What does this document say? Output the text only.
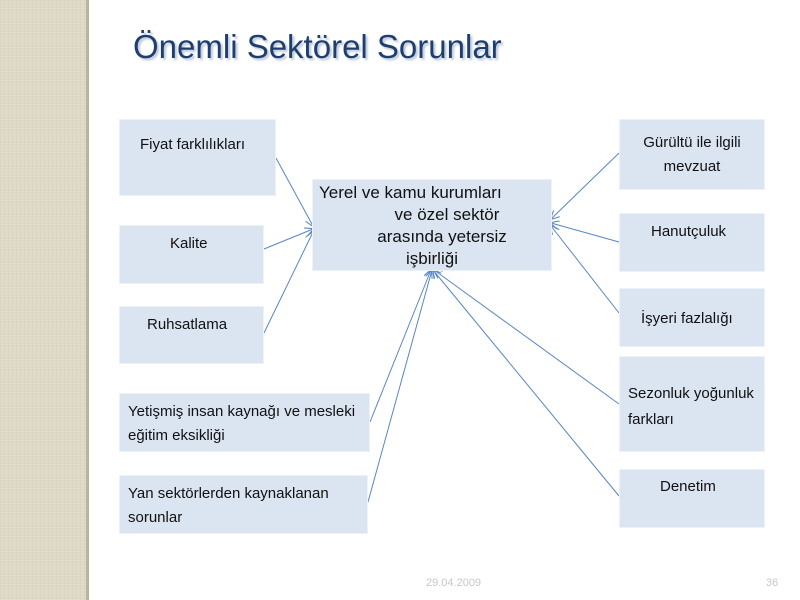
Önemli Sektörel Sorunlar
Yerel ve kamu kurumları
ve özel sektör
arasında yetersiz
işbirliği
Fiyat farklılıkları
Kalite
Ruhsatlama
Yetişmiş insan kaynağı ve mesleki eğitim eksikliği
Yan sektörlerden kaynaklanan sorunlar
Gürültü ile ilgili mevzuat
Hanutçuluk
İşyeri fazlalığı
Sezonluk yoğunluk farkları
Denetim
29.04.2009	36
